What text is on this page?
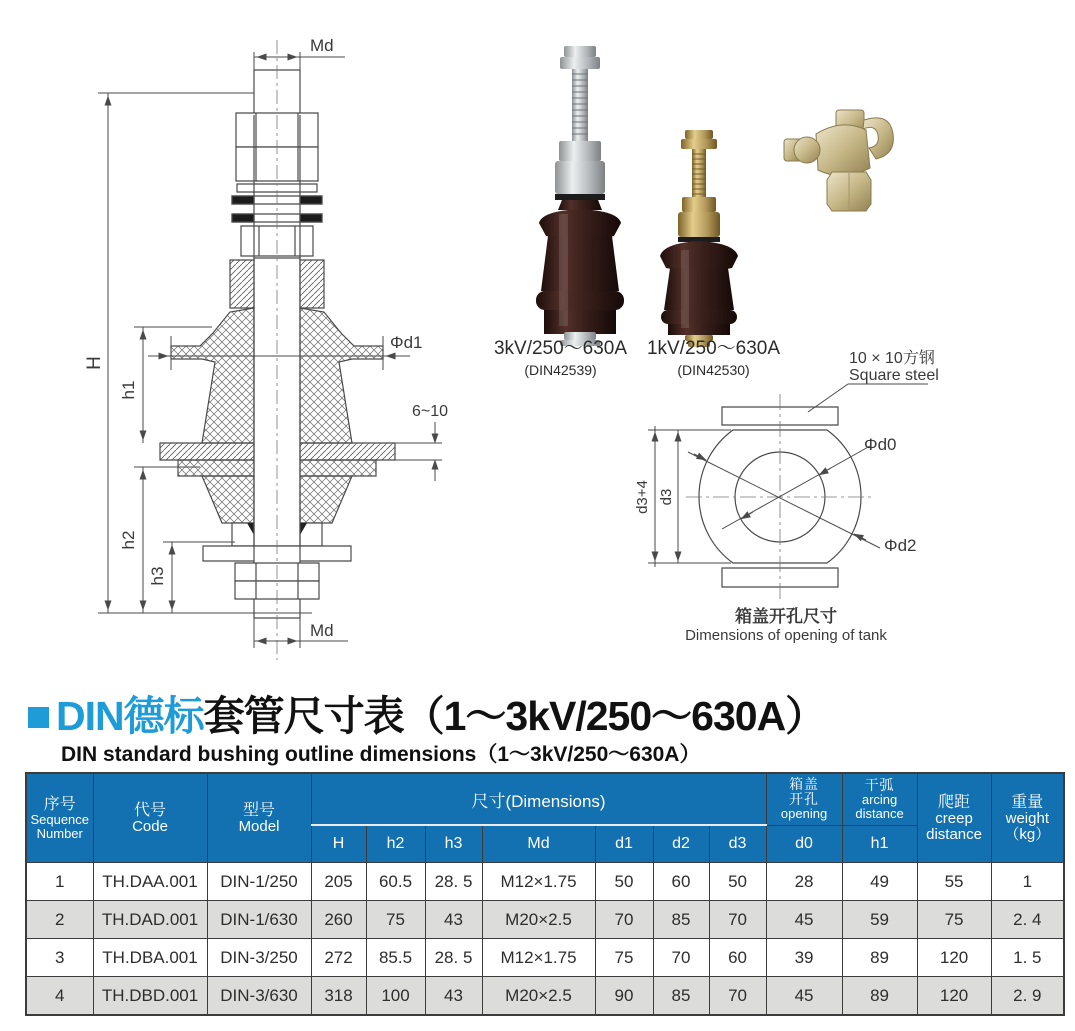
Md
H
h1
Φd1
6~10
h2
h3
Md
3kV/250～630A
(DIN42539)
1kV/250～630A
(DIN42530)
10 × 10方钢
Square steel
Φd0
Φd2
d3+4 d3
箱盖开孔尺寸
Dimensions of opening of tank
DIN德标套管尺寸表（1～3kV/250～630A）
DIN standard bushing outline dimensions（1～3kV/250～630A）
序号
Sequence
Number

代号
Code

型号
Model
	尺寸(Dimensions)	
箱盖
开孔
opening

干弧
arcing
distance

爬距
creep
distance

重量
weight
（kg）

			H	h2	h3	Md	d1	d2	d3	d0	h1		
1	TH.DAA.001	DIN-1/250	205	60.5	28. 5	M12×1.75	50	60	50	28	49	55	1
2	TH.DAD.001	DIN-1/630	260	75	43	M20×2.5	70	85	70	45	59	75	2. 4
3	TH.DBA.001	DIN-3/250	272	85.5	28. 5	M12×1.75	75	70	60	39	89	120	1. 5
4	TH.DBD.001	DIN-3/630	318	100	43	M20×2.5	90	85	70	45	89	120	2. 9
